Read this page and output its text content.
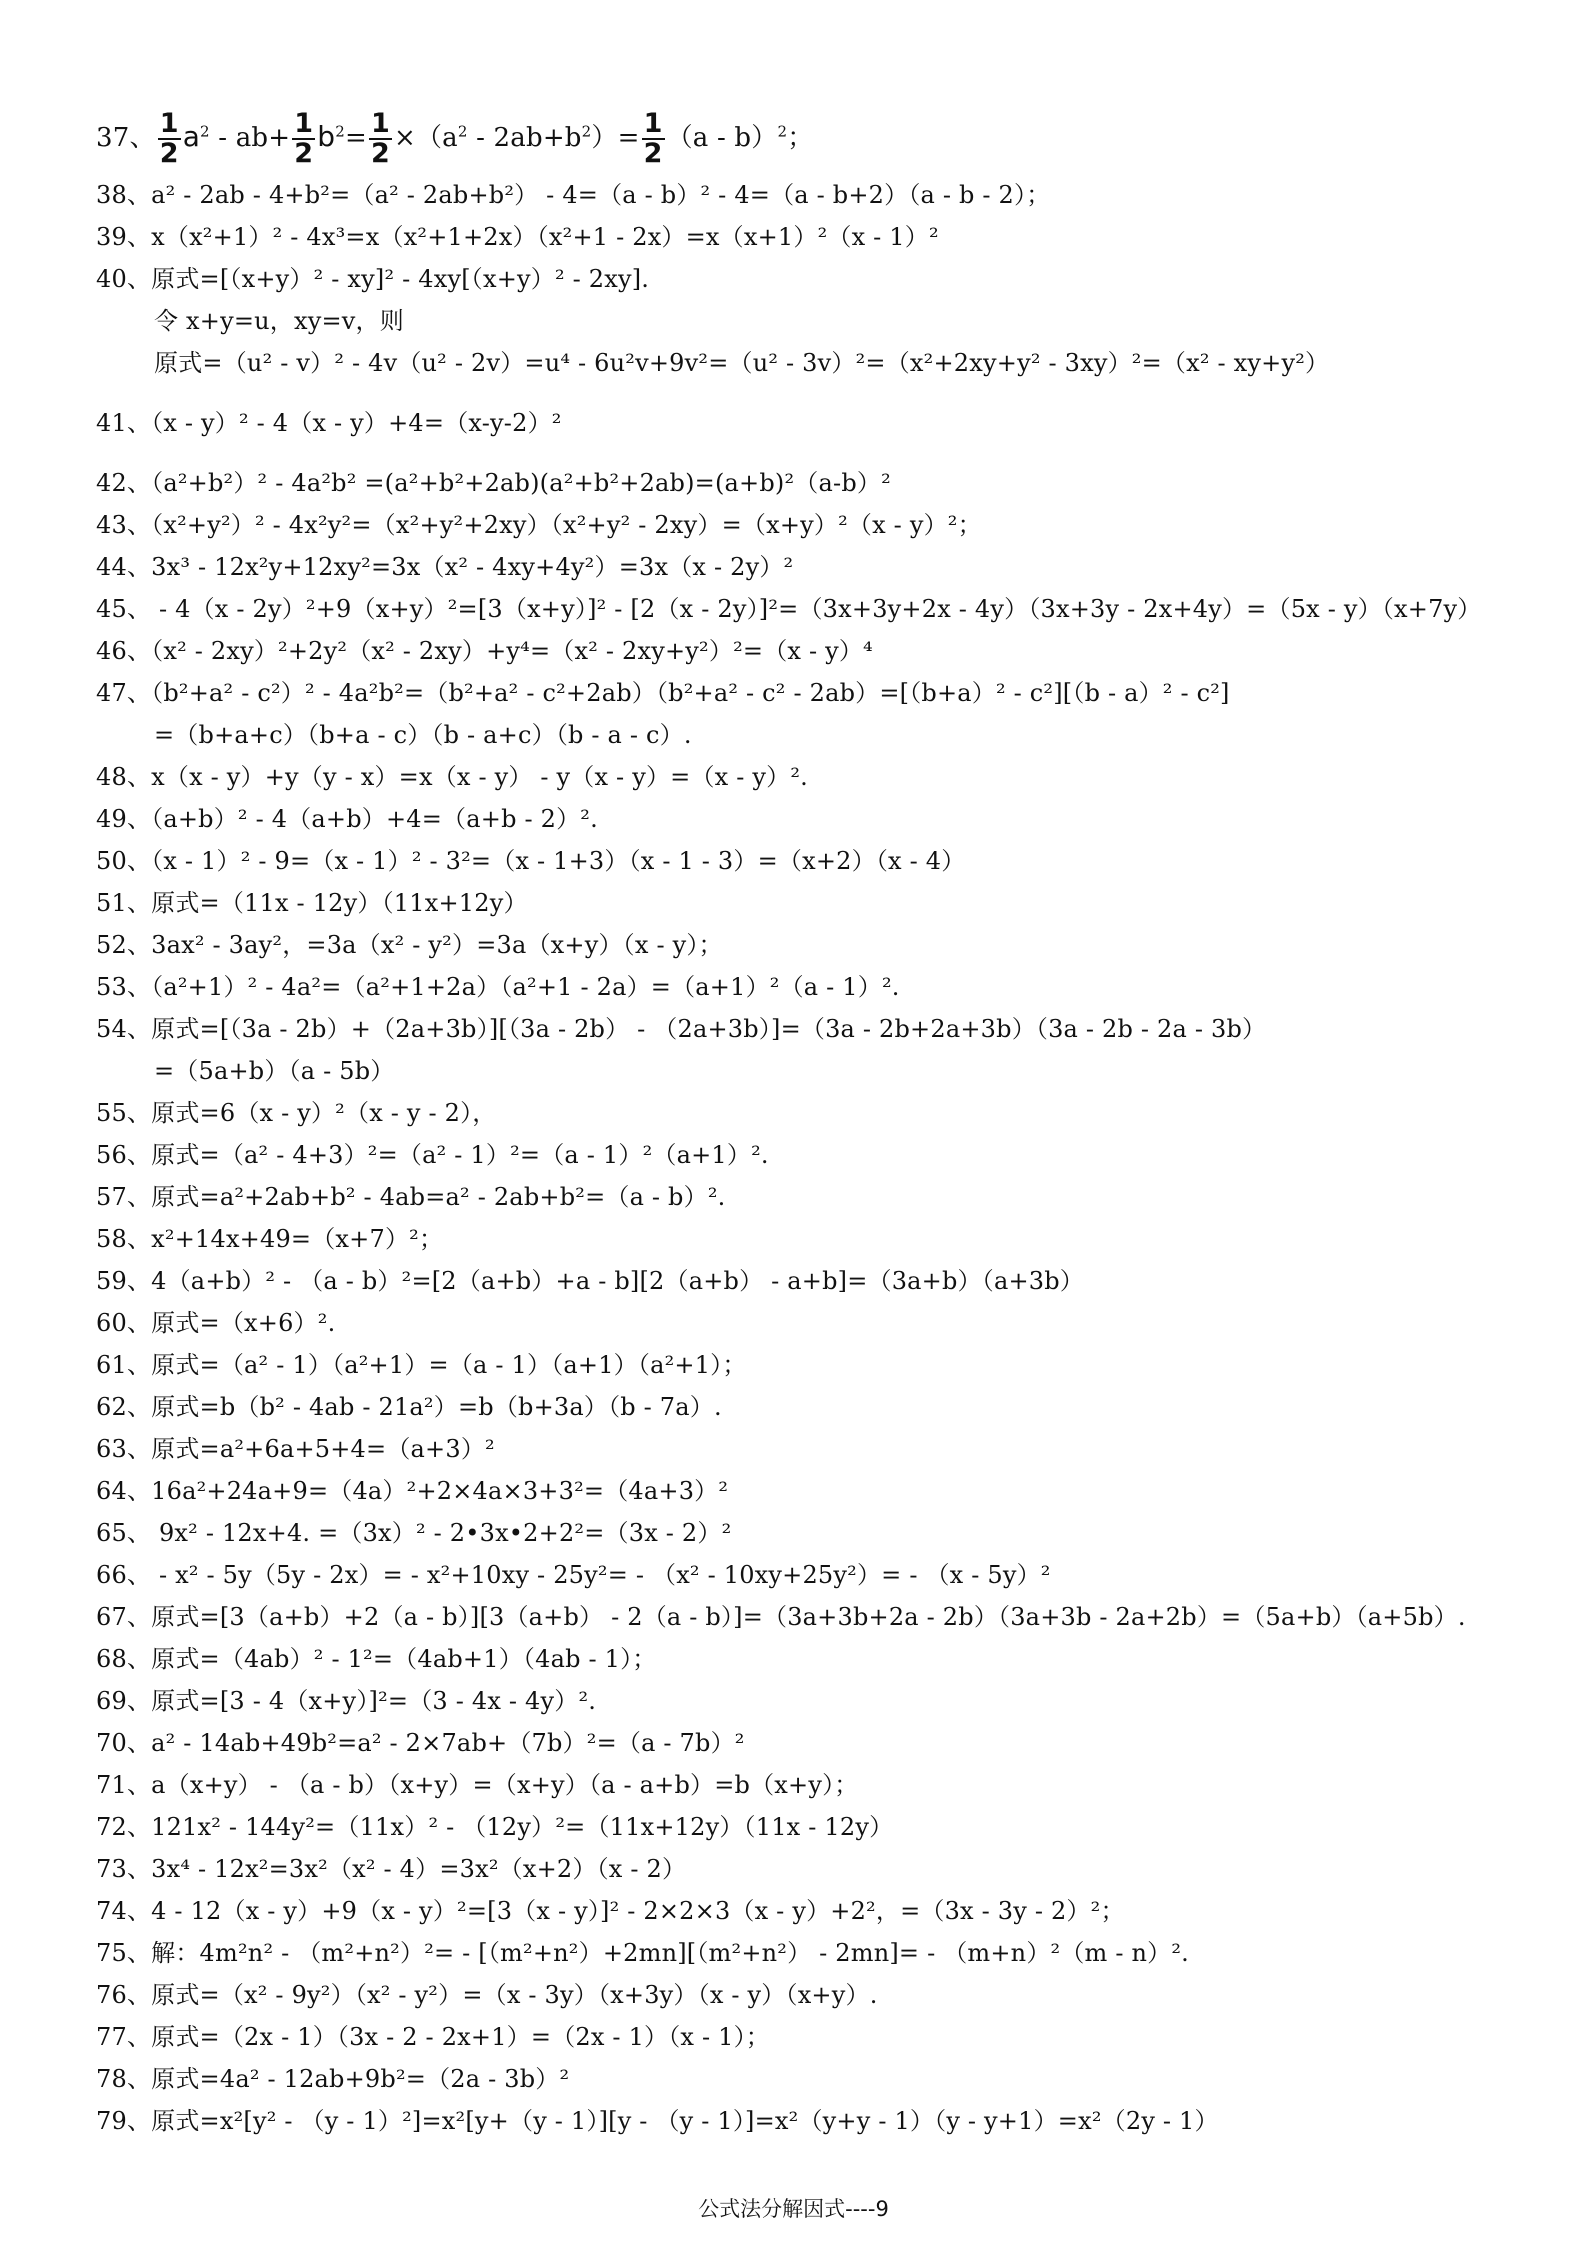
37、 $\frac{1}{2} a^2 - ab+ \frac{1}{2} b^2= \frac{1}{2} \times(a^2 - 2ab+b^2)= \frac{1}{2} (a - b)^2$；
38、a² - 2ab - 4+b²=（a² - 2ab+b²） - 4=（a - b）² - 4=（a - b+2）（a - b - 2）；
39、x（x²+1）² - 4x³=x（x²+1+2x）（x²+1 - 2x）=x（x+1）²（x - 1）²
40、原式=[（x+y）² - xy]² - 4xy[（x+y）² - 2xy].
令 x+y=u，xy=v，则
原式=（u² - v）² - 4v（u² - 2v）=u⁴ - 6u²v+9v²=（u² - 3v）²=（x²+2xy+y² - 3xy）²=（x² - xy+y²）
41、（x - y）² - 4（x - y）+4=（x-y-2）²
42、（a²+b²）² - 4a²b² =(a²+b²+2ab)(a²+b²+2ab)=(a+b)²（a-b）²
43、（x²+y²）² - 4x²y²=（x²+y²+2xy）（x²+y² - 2xy）=（x+y）²（x - y）²；
44、3x³ - 12x²y+12xy²=3x（x² - 4xy+4y²）=3x（x - 2y）²
45、 - 4（x - 2y）²+9（x+y）²=[3（x+y）]² - [2（x - 2y）]²=（3x+3y+2x - 4y）（3x+3y - 2x+4y）=（5x - y）（x+7y）
46、（x² - 2xy）²+2y²（x² - 2xy）+y⁴=（x² - 2xy+y²）²=（x - y）⁴
47、（b²+a² - c²）² - 4a²b²=（b²+a² - c²+2ab）（b²+a² - c² - 2ab）=[（b+a）² - c²][（b - a）² - c²]
=（b+a+c）（b+a - c）（b - a+c）（b - a - c）.
48、x（x - y）+y（y - x）=x（x - y） - y（x - y）=（x - y）².
49、（a+b）² - 4（a+b）+4=（a+b - 2）².
50、（x - 1）² - 9=（x - 1）² - 3²=（x - 1+3）（x - 1 - 3）=（x+2）（x - 4）
51、原式=（11x - 12y）（11x+12y）
52、3ax² - 3ay²，=3a（x² - y²）=3a（x+y）（x - y）；
53、（a²+1）² - 4a²=（a²+1+2a）（a²+1 - 2a）=（a+1）²（a - 1）².
54、原式=[（3a - 2b）+（2a+3b）][（3a - 2b） - （2a+3b）]=（3a - 2b+2a+3b）（3a - 2b - 2a - 3b）
=（5a+b）（a - 5b）
55、原式=6（x - y）²（x - y - 2），
56、原式=（a² - 4+3）²=（a² - 1）²=（a - 1）²（a+1）².
57、原式=a²+2ab+b² - 4ab=a² - 2ab+b²=（a - b）².
58、x²+14x+49=（x+7）²；
59、4（a+b）² - （a - b）²=[2（a+b）+a - b][2（a+b） - a+b]=（3a+b）（a+3b）
60、原式=（x+6）².
61、原式=（a² - 1）（a²+1）=（a - 1）（a+1）（a²+1）；
62、原式=b（b² - 4ab - 21a²）=b（b+3a）（b - 7a）.
63、原式=a²+6a+5+4=（a+3）²
64、16a²+24a+9=（4a）²+2×4a×3+3²=（4a+3）²
65、 9x² - 12x+4. =（3x）² - 2•3x•2+2²=（3x - 2）²
66、 - x² - 5y（5y - 2x）= - x²+10xy - 25y²= - （x² - 10xy+25y²）= - （x - 5y）²
67、原式=[3（a+b）+2（a - b）][3（a+b） - 2（a - b）]=（3a+3b+2a - 2b）（3a+3b - 2a+2b）=（5a+b）（a+5b）.
68、原式=（4ab）² - 1²=（4ab+1）（4ab - 1）；
69、原式=[3 - 4（x+y）]²=（3 - 4x - 4y）².
70、a² - 14ab+49b²=a² - 2×7ab+（7b）²=（a - 7b）²
71、a（x+y） - （a - b）（x+y）=（x+y）（a - a+b）=b（x+y）；
72、121x² - 144y²=（11x）² - （12y）²=（11x+12y）（11x - 12y）
73、3x⁴ - 12x²=3x²（x² - 4）=3x²（x+2）（x - 2）
74、4 - 12（x - y）+9（x - y）²=[3（x - y）]² - 2×2×3（x - y）+2²，=（3x - 3y - 2）²；
75、解：4m²n² - （m²+n²）²= - [（m²+n²）+2mn][（m²+n²） - 2mn]= - （m+n）²（m - n）².
76、原式=（x² - 9y²）（x² - y²）=（x - 3y）（x+3y）（x - y）（x+y）.
77、原式=（2x - 1）（3x - 2 - 2x+1）=（2x - 1）（x - 1）；
78、原式=4a² - 12ab+9b²=（2a - 3b）²
79、原式=x²[y² - （y - 1）²]=x²[y+（y - 1）][y - （y - 1）]=x²（y+y - 1）（y - y+1）=x²（2y - 1）
公式法分解因式----9
